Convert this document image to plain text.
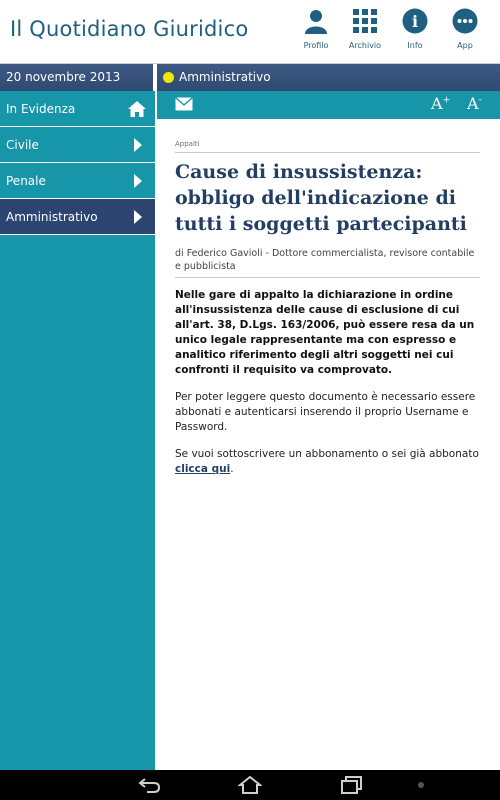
Il Quotidiano Giuridico
Profilo	Archivio
i
Info	App
20 novembre 2013	Amministrativo
In Evidenza
Civile
Penale
Amministrativo
A+ A-
Appalti
Cause di insussistenza: obbligo dell'indicazione di tutti i soggetti partecipanti
di Federico Gavioli - Dottore commercialista, revisore contabile e pubblicista
Nelle gare di appalto la dichiarazione in ordine all'insussistenza delle cause di esclusione di cui all'art. 38, D.Lgs. 163/2006, può essere resa da un unico legale rappresentante ma con espresso e analitico riferimento degli altri soggetti nei cui confronti il requisito va comprovato.
Per poter leggere questo documento è necessario essere abbonati e autenticarsi inserendo il proprio Username e Password.
Se vuoi sottoscrivere un abbonamento o sei già abbonato clicca qui.
